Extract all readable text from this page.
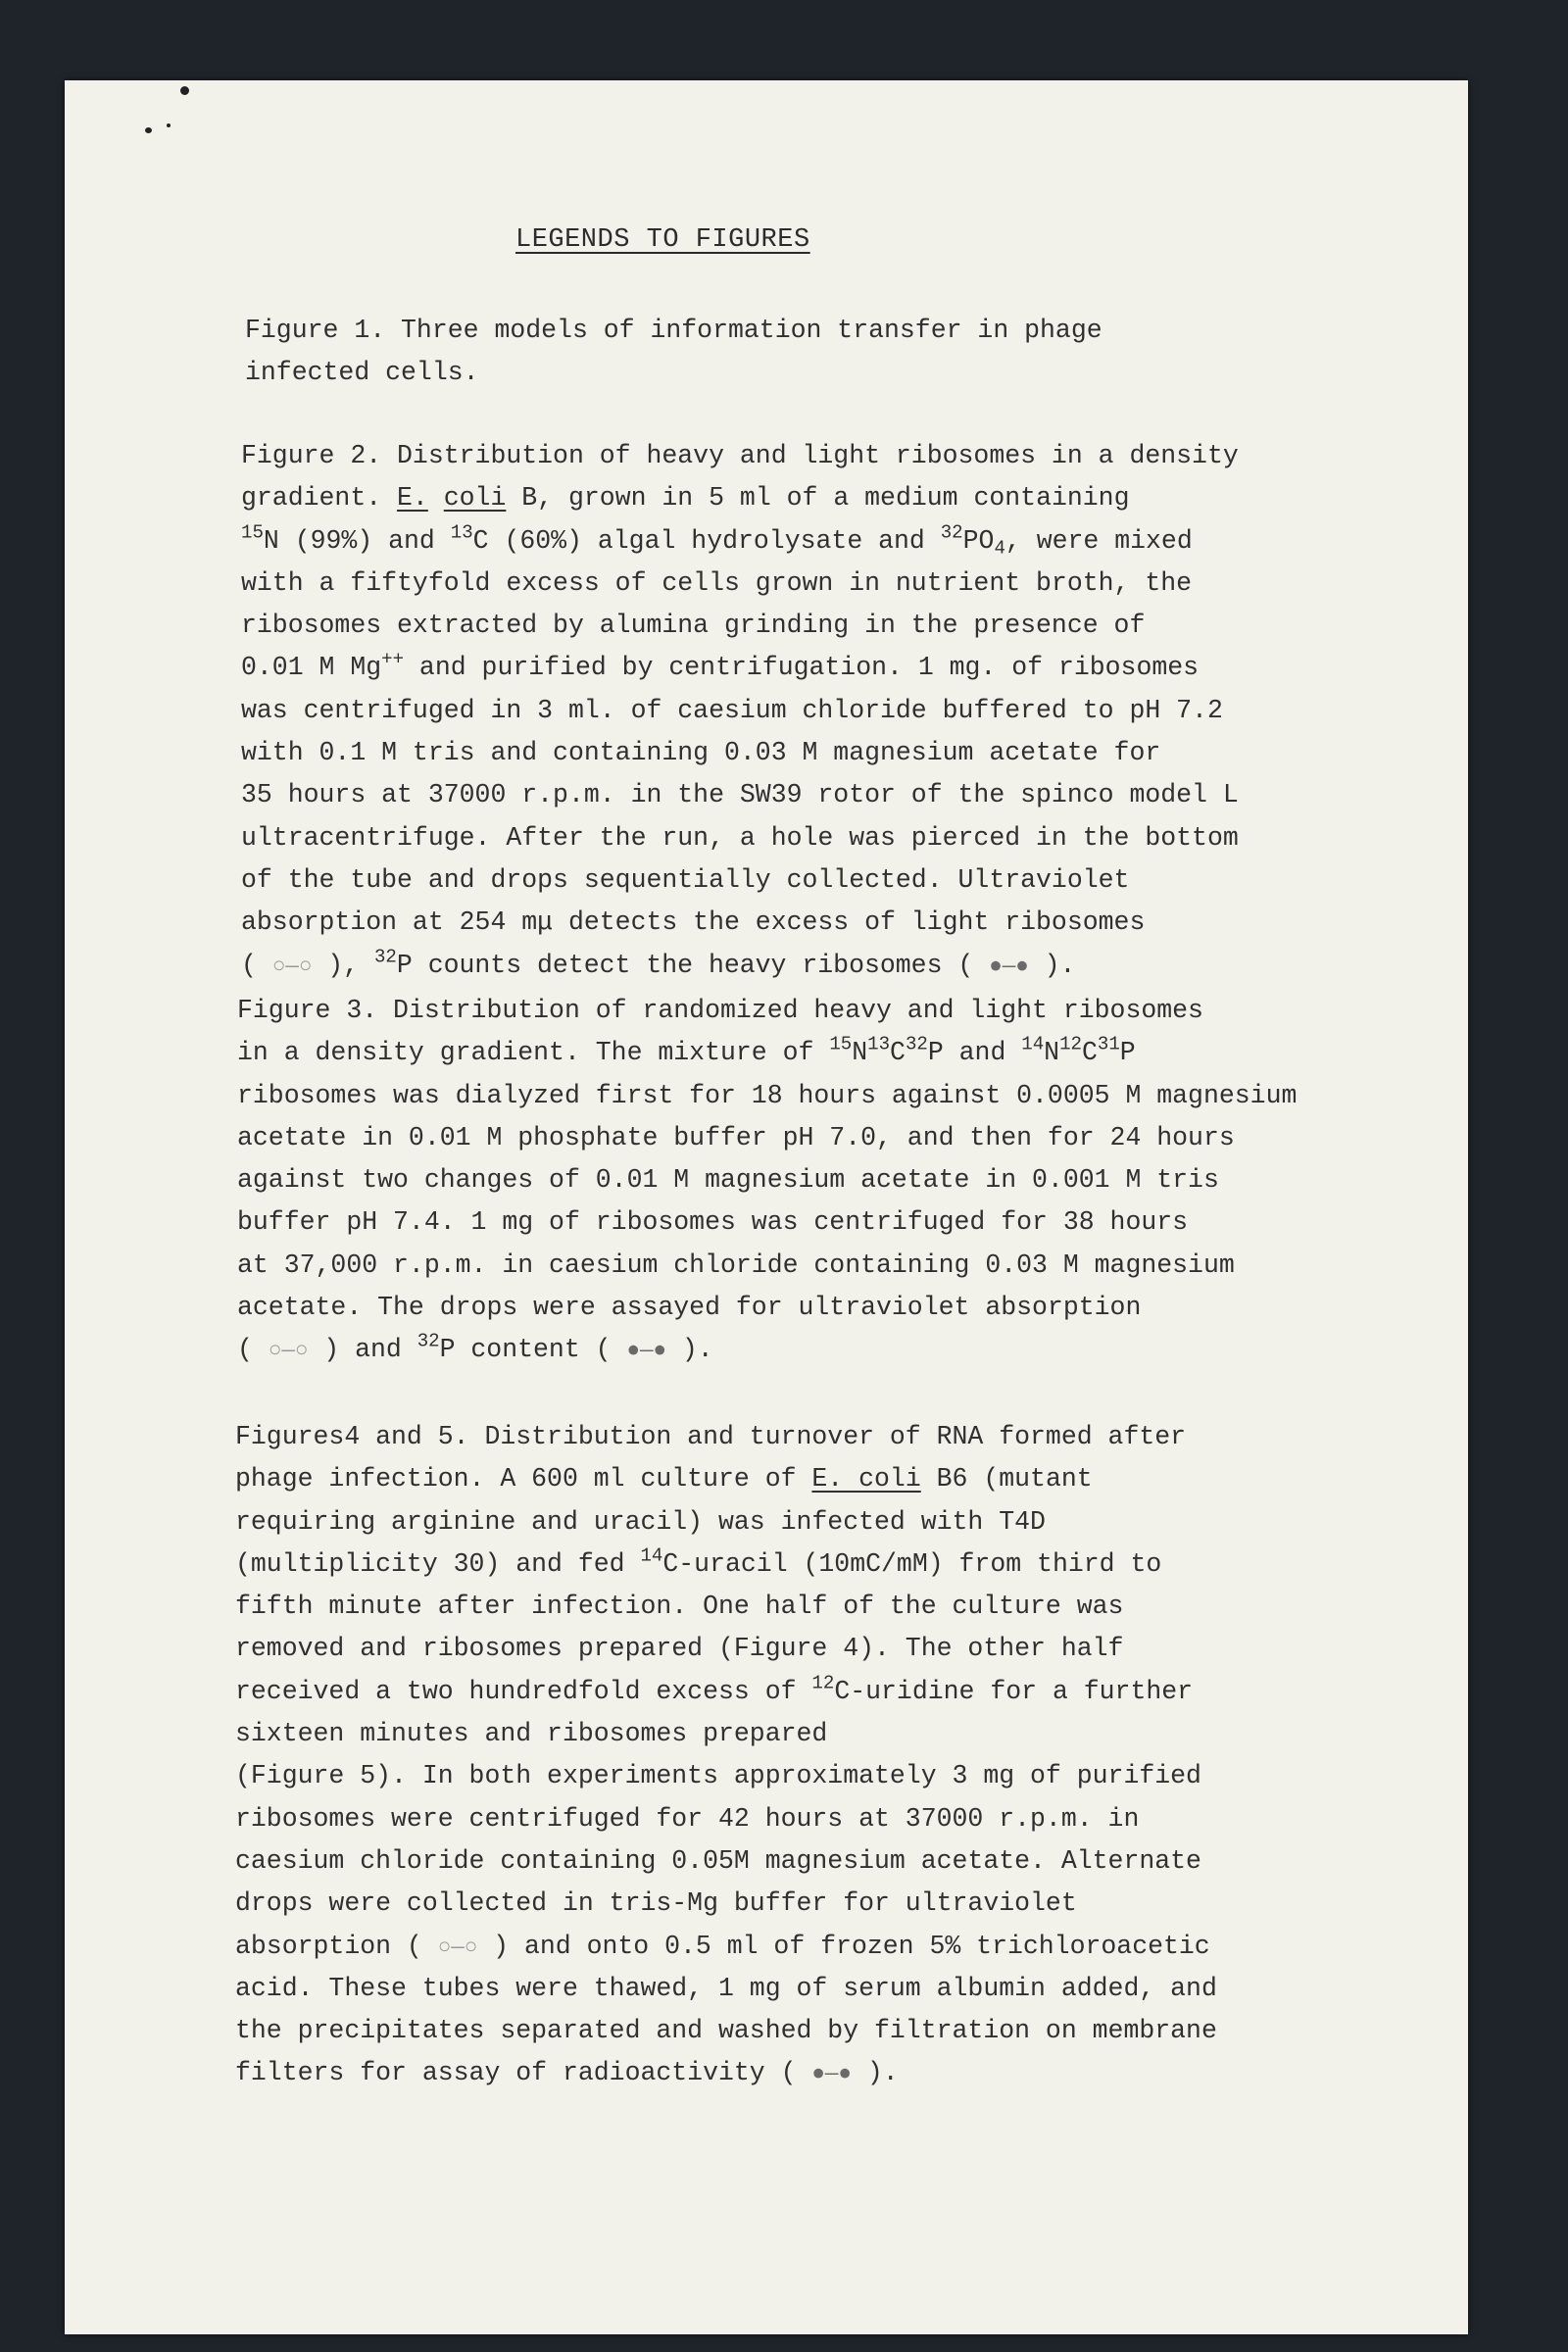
LEGENDS TO FIGURES

Figure 1. Three models of information transfer in phage
infected cells.

Figure 2. Distribution of heavy and light ribosomes in a density
gradient. E. coli B, grown in 5 ml of a medium containing
$^{15}$N (99%) and $^{13}$C (60%) algal hydrolysate and $^{32}PO_4$, were mixed
with a fiftyfold excess of cells grown in nutrient broth, the
ribosomes extracted by alumina grinding in the presence of
0.01 M Mg++ and purified by centrifugation. 1 mg. of ribosomes
was centrifuged in 3 ml. of caesium chloride buffered to pH 7.2
with 0.1 M tris and containing 0.03 M magnesium acetate for
35 hours at 37000 r.p.m. in the SW39 rotor of the spinco model L
ultracentrifuge. After the run, a hole was pierced in the bottom
of the tube and drops sequentially collected. Ultraviolet
absorption at 254 mμ detects the excess of light ribosomes
( ○—○ ), $^{32}$P counts detect the heavy ribosomes ( ●—● ).

Figure 3. Distribution of randomized heavy and light ribosomes
in a density gradient. The mixture of $^{15}N^{13}C^{32}P$ and $^{14}N^{12}C^{31}P$
ribosomes was dialyzed first for 18 hours against 0.0005 M magnesium
acetate in 0.01 M phosphate buffer pH 7.0, and then for 24 hours
against two changes of 0.01 M magnesium acetate in 0.001 M tris
buffer pH 7.4. 1 mg of ribosomes was centrifuged for 38 hours
at 37,000 r.p.m. in caesium chloride containing 0.03 M magnesium
acetate. The drops were assayed for ultraviolet absorption
( ○—○ ) and $^{32}$P content ( ●—● ).

Figures4 and 5. Distribution and turnover of RNA formed after
phage infection. A 600 ml culture of E. coli B6 (mutant
requiring arginine and uracil) was infected with T4D
(multiplicity 30) and fed $^{14}$C-uracil (10mC/mM) from third to
fifth minute after infection. One half of the culture was
removed and ribosomes prepared (Figure 4). The other half
received a two hundredfold excess of $^{12}$C-uridine for a further
sixteen minutes and ribosomes prepared
(Figure 5). In both experiments approximately 3 mg of purified
ribosomes were centrifuged for 42 hours at 37000 r.p.m. in
caesium chloride containing 0.05M magnesium acetate. Alternate
drops were collected in tris-Mg buffer for ultraviolet
absorption ( ○—○ ) and onto 0.5 ml of frozen 5% trichloroacetic
acid. These tubes were thawed, 1 mg of serum albumin added, and
the precipitates separated and washed by filtration on membrane
filters for assay of radioactivity ( ●—● ).
